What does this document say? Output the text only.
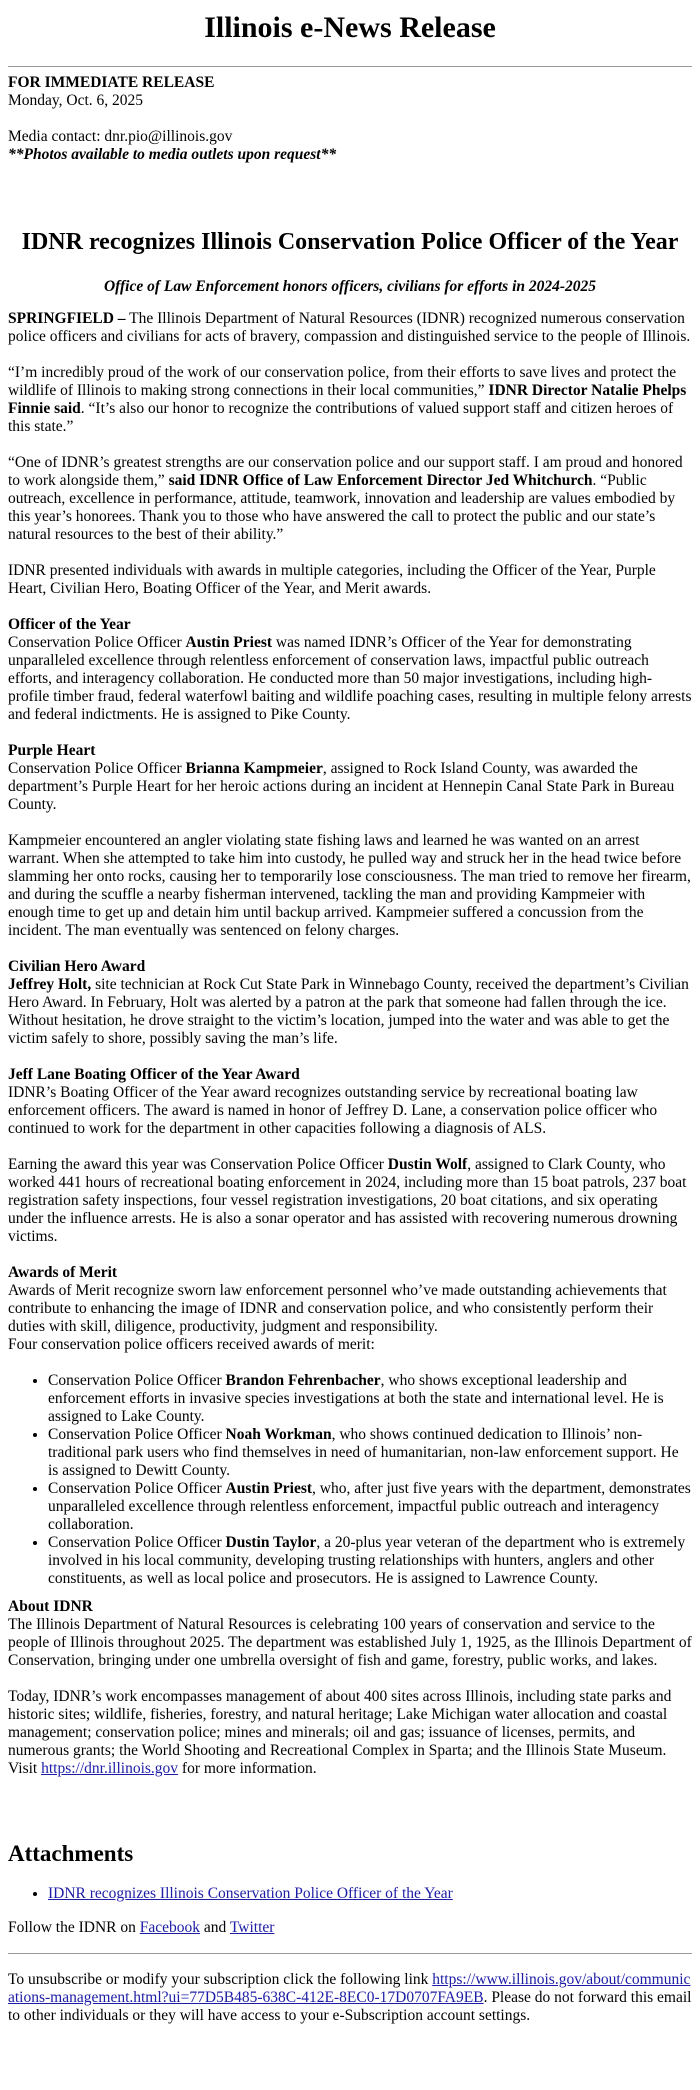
Illinois e-News Release
FOR IMMEDIATE RELEASE
Monday, Oct. 6, 2025
Media contact: dnr.pio@illinois.gov
**Photos available to media outlets upon request**
IDNR recognizes Illinois Conservation Police Officer of the Year
Office of Law Enforcement honors officers, civilians for efforts in 2024-2025

SPRINGFIELD – The Illinois Department of Natural Resources (IDNR) recognized numerous conservation police officers and civilians for acts of bravery, compassion and distinguished service to the people of Illinois.

“I’m incredibly proud of the work of our conservation police, from their efforts to save lives and protect the wildlife of Illinois to making strong connections in their local communities,” IDNR Director Natalie Phelps Finnie said. “It’s also our honor to recognize the contributions of valued support staff and citizen heroes of this state.”

“One of IDNR’s greatest strengths are our conservation police and our support staff. I am proud and honored to work alongside them,” said IDNR Office of Law Enforcement Director Jed Whitchurch. “Public outreach, excellence in performance, attitude, teamwork, innovation and leadership are values embodied by this year’s honorees. Thank you to those who have answered the call to protect the public and our state’s natural resources to the best of their ability.”

IDNR presented individuals with awards in multiple categories, including the Officer of the Year, Purple Heart, Civilian Hero, Boating Officer of the Year, and Merit awards.

Officer of the Year
Conservation Police Officer Austin Priest was named IDNR’s Officer of the Year for demonstrating unparalleled excellence through relentless enforcement of conservation laws, impactful public outreach efforts, and interagency collaboration. He conducted more than 50 major investigations, including high-profile timber fraud, federal waterfowl baiting and wildlife poaching cases, resulting in multiple felony arrests and federal indictments. He is assigned to Pike County.

Purple Heart
Conservation Police Officer Brianna Kampmeier, assigned to Rock Island County, was awarded the department’s Purple Heart for her heroic actions during an incident at Hennepin Canal State Park in Bureau County.

Kampmeier encountered an angler violating state fishing laws and learned he was wanted on an arrest warrant. When she attempted to take him into custody, he pulled way and struck her in the head twice before slamming her onto rocks, causing her to temporarily lose consciousness. The man tried to remove her firearm, and during the scuffle a nearby fisherman intervened, tackling the man and providing Kampmeier with enough time to get up and detain him until backup arrived. Kampmeier suffered a concussion from the incident. The man eventually was sentenced on felony charges.

Civilian Hero Award
Jeffrey Holt, site technician at Rock Cut State Park in Winnebago County, received the department’s Civilian Hero Award. In February, Holt was alerted by a patron at the park that someone had fallen through the ice. Without hesitation, he drove straight to the victim’s location, jumped into the water and was able to get the victim safely to shore, possibly saving the man’s life.

Jeff Lane Boating Officer of the Year Award
IDNR’s Boating Officer of the Year award recognizes outstanding service by recreational boating law enforcement officers. The award is named in honor of Jeffrey D. Lane, a conservation police officer who continued to work for the department in other capacities following a diagnosis of ALS.

Earning the award this year was Conservation Police Officer Dustin Wolf, assigned to Clark County, who worked 441 hours of recreational boating enforcement in 2024, including more than 15 boat patrols, 237 boat registration safety inspections, four vessel registration investigations, 20 boat citations, and six operating under the influence arrests. He is also a sonar operator and has assisted with recovering numerous drowning victims.

Awards of Merit
Awards of Merit recognize sworn law enforcement personnel who’ve made outstanding achievements that contribute to enhancing the image of IDNR and conservation police, and who consistently perform their duties with skill, diligence, productivity, judgment and responsibility.
Four conservation police officers received awards of merit:
• Conservation Police Officer Brandon Fehrenbacher, who shows exceptional leadership and enforcement efforts in invasive species investigations at both the state and international level. He is assigned to Lake County.
• Conservation Police Officer Noah Workman, who shows continued dedication to Illinois’ non-traditional park users who find themselves in need of humanitarian, non-law enforcement support. He is assigned to Dewitt County.
• Conservation Police Officer Austin Priest, who, after just five years with the department, demonstrates unparalleled excellence through relentless enforcement, impactful public outreach and interagency collaboration.
• Conservation Police Officer Dustin Taylor, a 20-plus year veteran of the department who is extremely involved in his local community, developing trusting relationships with hunters, anglers and other constituents, as well as local police and prosecutors. He is assigned to Lawrence County.

About IDNR
The Illinois Department of Natural Resources is celebrating 100 years of conservation and service to the people of Illinois throughout 2025. The department was established July 1, 1925, as the Illinois Department of Conservation, bringing under one umbrella oversight of fish and game, forestry, public works, and lakes.

Today, IDNR’s work encompasses management of about 400 sites across Illinois, including state parks and historic sites; wildlife, fisheries, forestry, and natural heritage; Lake Michigan water allocation and coastal management; conservation police; mines and minerals; oil and gas; issuance of licenses, permits, and numerous grants; the World Shooting and Recreational Complex in Sparta; and the Illinois State Museum. Visit https://dnr.illinois.gov for more information.

Attachments
• IDNR recognizes Illinois Conservation Police Officer of the Year
Follow the IDNR on Facebook and Twitter
To unsubscribe or modify your subscription click the following link https://www.illinois.gov/about/communications-management.html?ui=77D5B485-638C-412E-8EC0-17D0707FA9EB. Please do not forward this email to other individuals or they will have access to your e-Subscription account settings.
